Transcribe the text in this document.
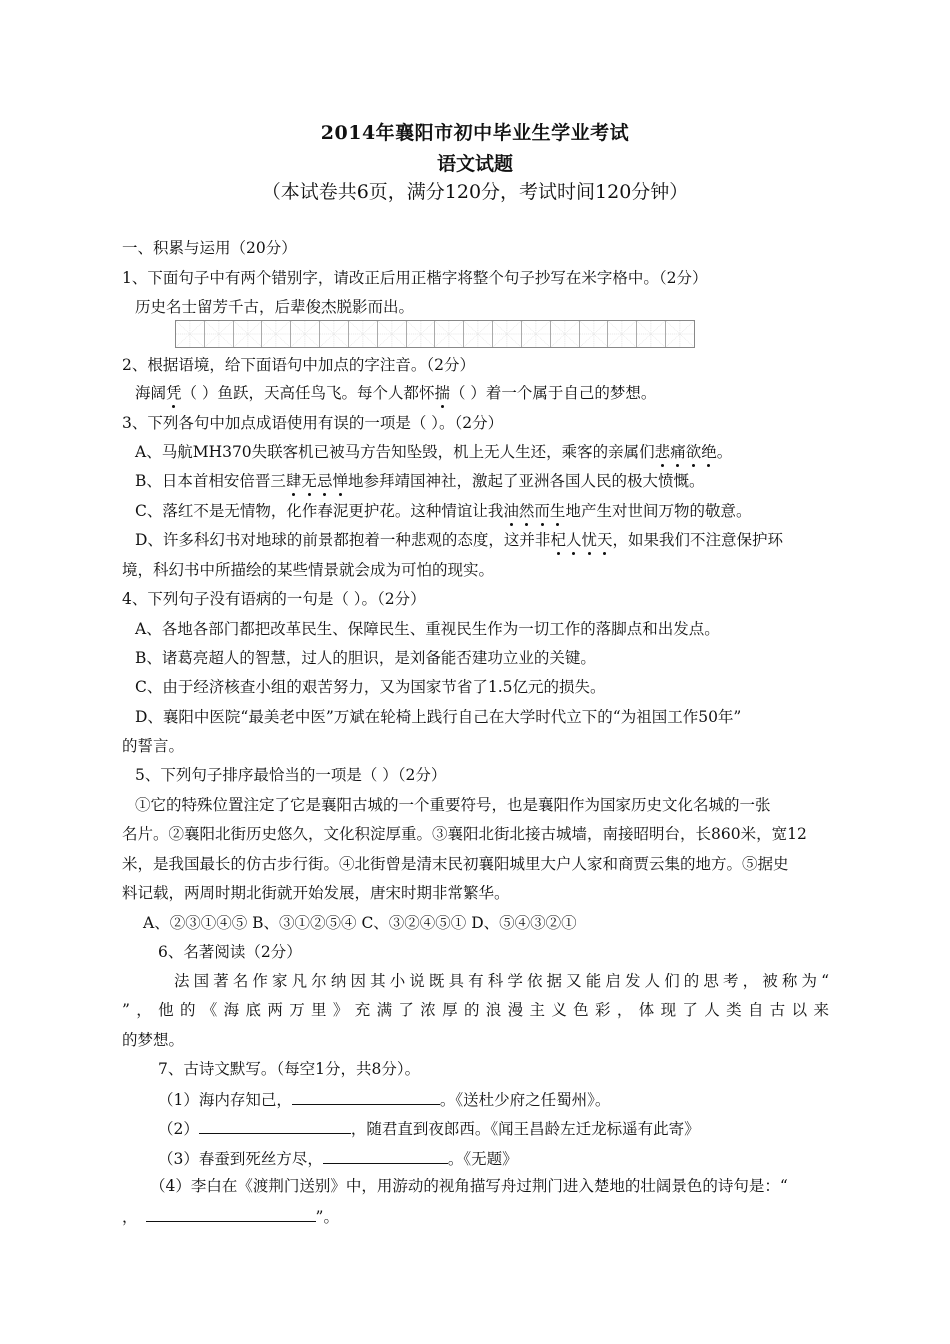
2014年襄阳市初中毕业生学业考试
语文试题
（本试卷共6页，满分120分，考试时间120分钟）
一、积累与运用（20分）
1、下面句子中有两个错别字，请改正后用正楷字将整个句子抄写在米字格中。（2分）
历史名士留芳千古，后辈俊杰脱影而出。
2、根据语境，给下面语句中加点的字注音。（2分）
海阔凭（ ）鱼跃，天高任鸟飞。每个人都怀揣（ ）着一个属于自己的梦想。
3、下列各句中加点成语使用有误的一项是（ ）。（2分）
A、马航MH370失联客机已被马方告知坠毁，机上无人生还，乘客的亲属们悲痛欲绝。
B、日本首相安倍晋三肆无忌惮地参拜靖国神社，激起了亚洲各国人民的极大愤慨。
C、落红不是无情物，化作春泥更护花。这种情谊让我油然而生地产生对世间万物的敬意。
D、许多科幻书对地球的前景都抱着一种悲观的态度，这并非杞人忧天，如果我们不注意保护环
境，科幻书中所描绘的某些情景就会成为可怕的现实。
4、下列句子没有语病的一句是（ ）。（2分）
A、各地各部门都把改革民生、保障民生、重视民生作为一切工作的落脚点和出发点。
B、诸葛亮超人的智慧，过人的胆识，是刘备能否建功立业的关键。
C、由于经济核查小组的艰苦努力，又为国家节省了1.5亿元的损失。
D、襄阳中医院“最美老中医”万斌在轮椅上践行自己在大学时代立下的“为祖国工作50年”
的誓言。
5、下列句子排序最恰当的一项是（ ）（2分）
①它的特殊位置注定了它是襄阳古城的一个重要符号，也是襄阳作为国家历史文化名城的一张
名片。②襄阳北街历史悠久，文化积淀厚重。③襄阳北街北接古城墙，南接昭明台，长860米，宽12
米，是我国最长的仿古步行街。④北街曾是清末民初襄阳城里大户人家和商贾云集的地方。⑤据史
料记载，两周时期北街就开始发展，唐宋时期非常繁华。
A、②③①④⑤ B、③①②⑤④ C、③②④⑤① D、⑤④③②①
6、名著阅读（2分）
法国著名作家凡尔纳因其小说既具有科学依据又能启发人们的思考，被称为“
”，他的《海底两万里》充满了浓厚的浪漫主义色彩，体现了人类自古以来
的梦想。
7、古诗文默写。（每空1分，共8分）。
（1）海内存知己，	。《送杜少府之任蜀州》。
（2）	，随君直到夜郎西。《闻王昌龄左迁龙标遥有此寄》
（3）春蚕到死丝方尽，	。《无题》
（4）李白在《渡荆门送别》中，用游动的视角描写舟过荆门进入楚地的壮阔景色的诗句是：“
，	”。
